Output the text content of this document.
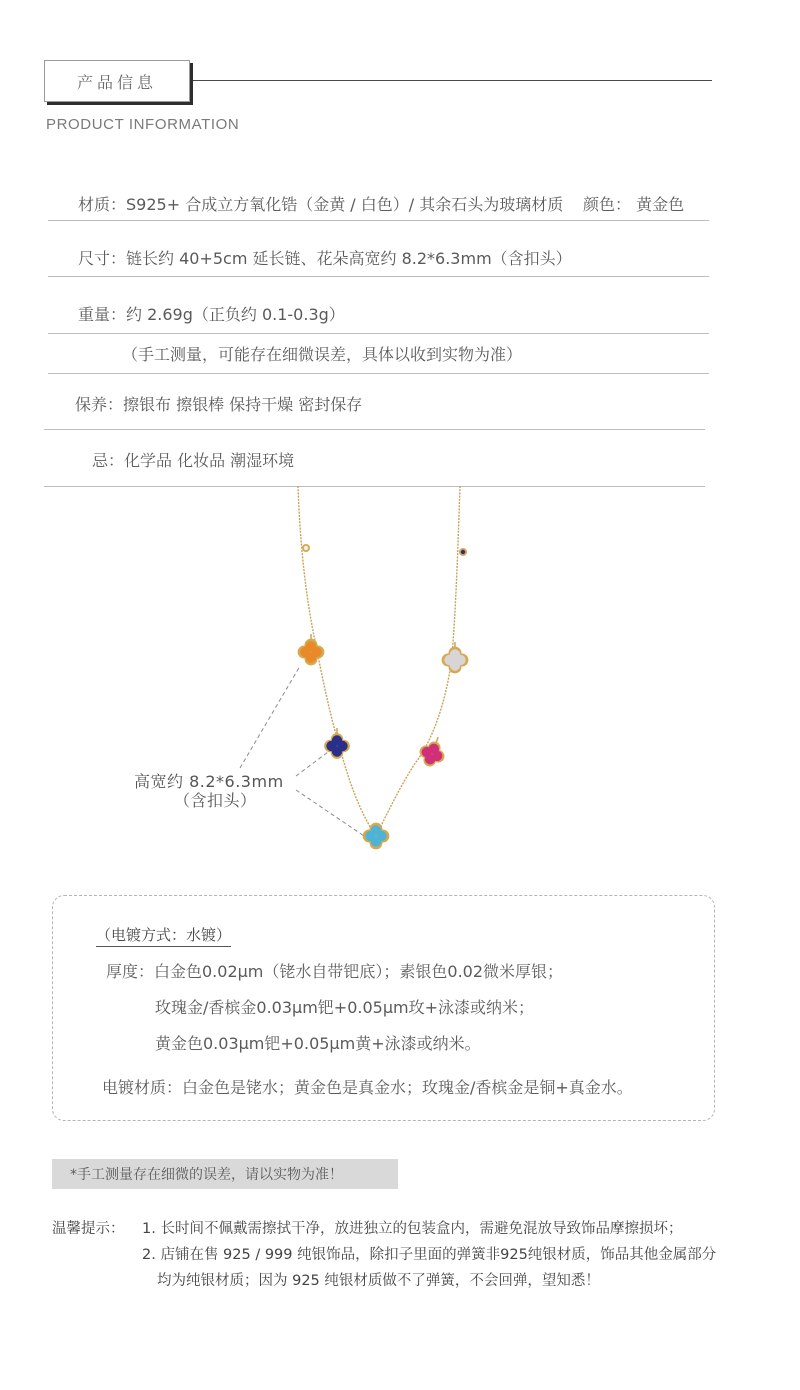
产品信息
PRODUCT INFORMATION
材质：S925+ 合成立方氧化锆（金黄 / 白色）/ 其余石头为玻璃材质 颜色： 黄金色
尺寸：链长约 40+5cm 延长链、花朵高宽约 8.2*6.3mm（含扣头）
重量：约 2.69g（正负约 0.1-0.3g）
（手工测量，可能存在细微误差，具体以收到实物为准）
保养：擦银布 擦银棒 保持干燥 密封保存
忌：化学品 化妆品 潮湿环境
高宽约 8.2*6.3mm
（含扣头）
（电镀方式：水镀）
厚度：白金色0.02μm（铑水自带钯底）；素银色0.02微米厚银；
玫瑰金/香槟金0.03μm钯+0.05μm玫+泳漆或纳米；
黄金色0.03μm钯+0.05μm黄+泳漆或纳米。
电镀材质：白金色是铑水；黄金色是真金水；玫瑰金/香槟金是铜+真金水。
*手工测量存在细微的误差，请以实物为准！
温馨提示： 1. 长时间不佩戴需擦拭干净，放进独立的包装盒内，需避免混放导致饰品摩擦损坏；
2. 店铺在售 925 / 999 纯银饰品，除扣子里面的弹簧非925纯银材质，饰品其他金属部分
均为纯银材质；因为 925 纯银材质做不了弹簧，不会回弹，望知悉！
